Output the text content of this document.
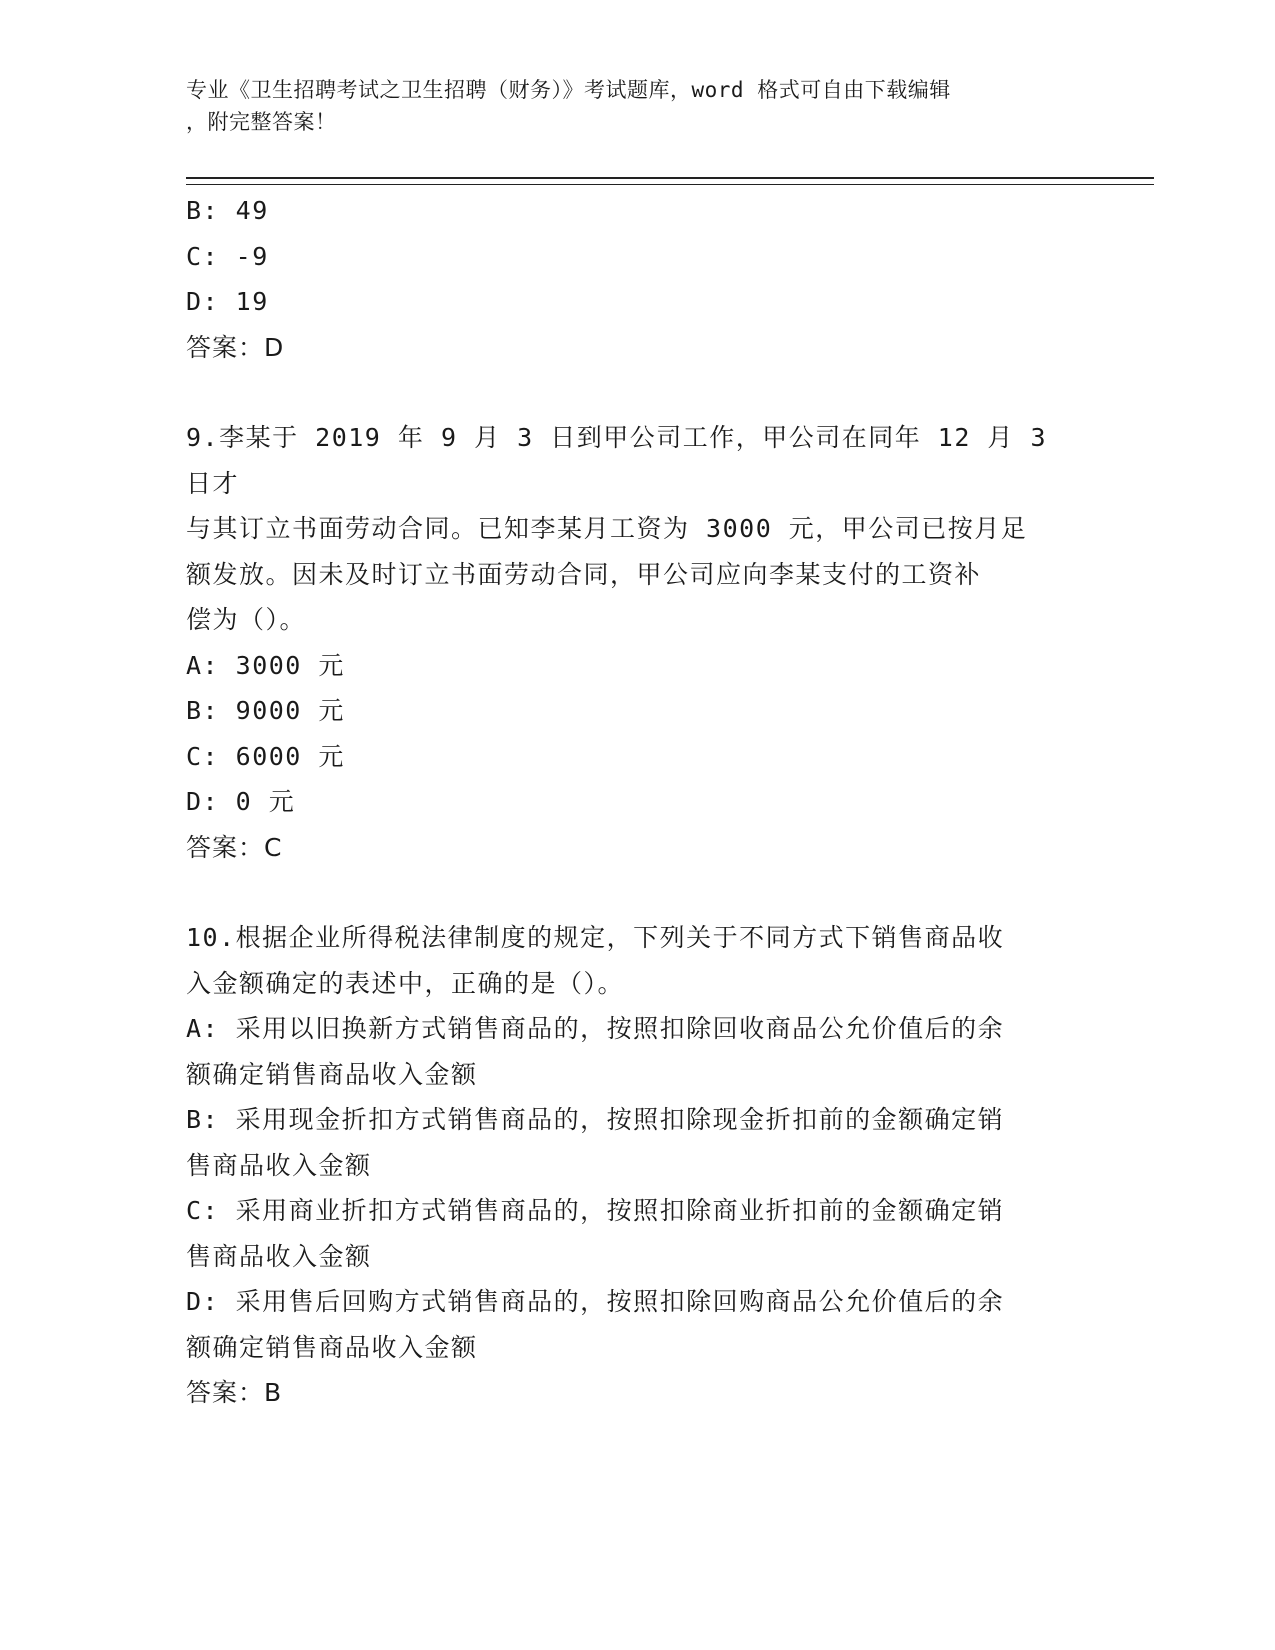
专业《卫生招聘考试之卫生招聘（财务）》考试题库，word 格式可自由下载编辑
，附完整答案！
B: 49
C: -9
D: 19
答案：D
9.李某于 2019 年 9 月 3 日到甲公司工作，甲公司在同年 12 月 3 日才
与其订立书面劳动合同。已知李某月工资为 3000 元，甲公司已按月足
额发放。因未及时订立书面劳动合同，甲公司应向李某支付的工资补
偿为（）。
A: 3000 元
B: 9000 元
C: 6000 元
D: 0 元
答案：C
10.根据企业所得税法律制度的规定，下列关于不同方式下销售商品收
入金额确定的表述中，正确的是（）。
A: 采用以旧换新方式销售商品的，按照扣除回收商品公允价值后的余
额确定销售商品收入金额
B: 采用现金折扣方式销售商品的，按照扣除现金折扣前的金额确定销
售商品收入金额
C: 采用商业折扣方式销售商品的，按照扣除商业折扣前的金额确定销
售商品收入金额
D: 采用售后回购方式销售商品的，按照扣除回购商品公允价值后的余
额确定销售商品收入金额
答案：B
